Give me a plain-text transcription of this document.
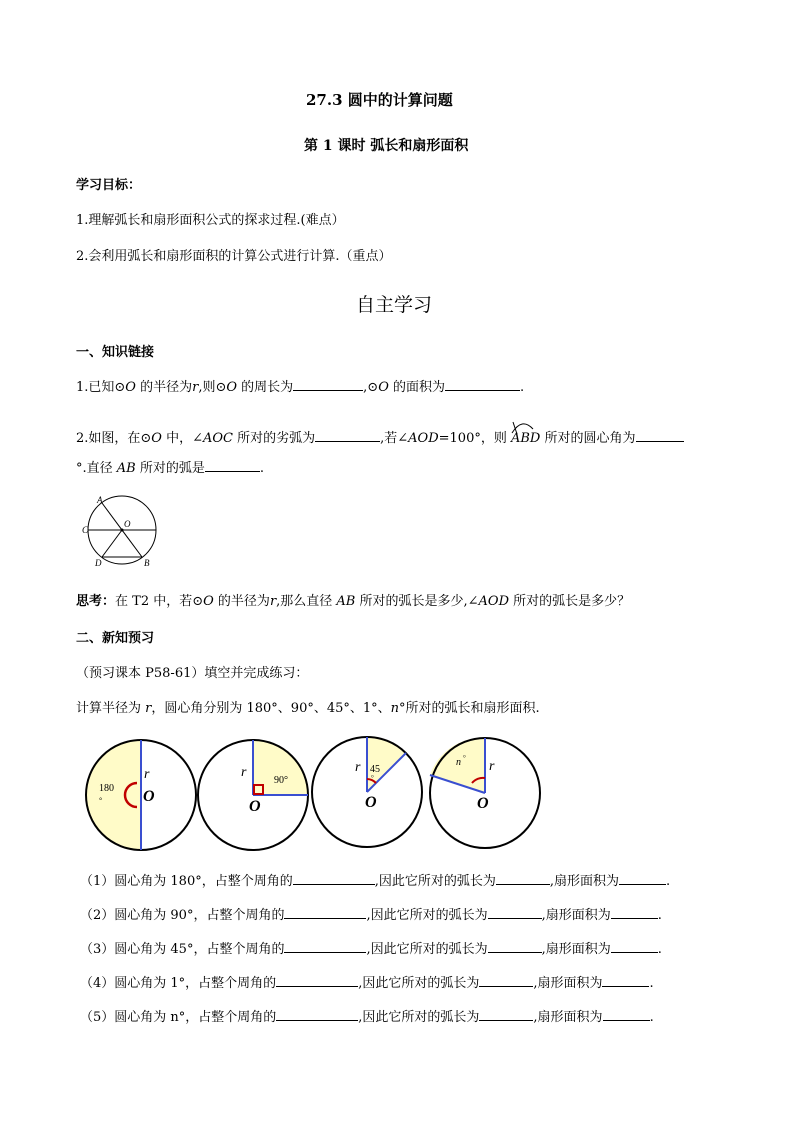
27.3 圆中的计算问题
第 1 课时 弧长和扇形面积
学习目标：
1.理解弧长和扇形面积公式的探求过程.(难点）
2.会利用弧长和扇形面积的计算公式进行计算.（重点）
自主学习
一、知识链接
1.已知⊙O 的半径为r,则⊙O 的周长为	,⊙O 的面积为	.
2.如图，在⊙O 中，∠AOC 所对的劣弧为	,若∠AOD=100°，则
ABD 所对的圆心角为
°.直径 AB 所对的弧是	.
A
C
O
D	B
思考：在 T2 中，若⊙O 的半径为r,那么直径 AB 所对的弧长是多少,∠AOD 所对的弧长是多少？
二、新知预习
（预习课本 P58-61）填空并完成练习：
计算半径为 r，圆心角分别为 180°、90°、45°、1°、n°所对的弧长和扇形面积.
180
°
r
O
90°
r
O
45
°
r
O
n °
r
O
（1）圆心角为 180°，占整个周角的	,因此它所对的弧长为	,扇形面积为	.
（2）圆心角为 90°，占整个周角的	,因此它所对的弧长为	,扇形面积为	.
（3）圆心角为 45°，占整个周角的	,因此它所对的弧长为	,扇形面积为	.
（4）圆心角为 1°，占整个周角的	,因此它所对的弧长为	,扇形面积为	.
（5）圆心角为 n°，占整个周角的	,因此它所对的弧长为	,扇形面积为	.
